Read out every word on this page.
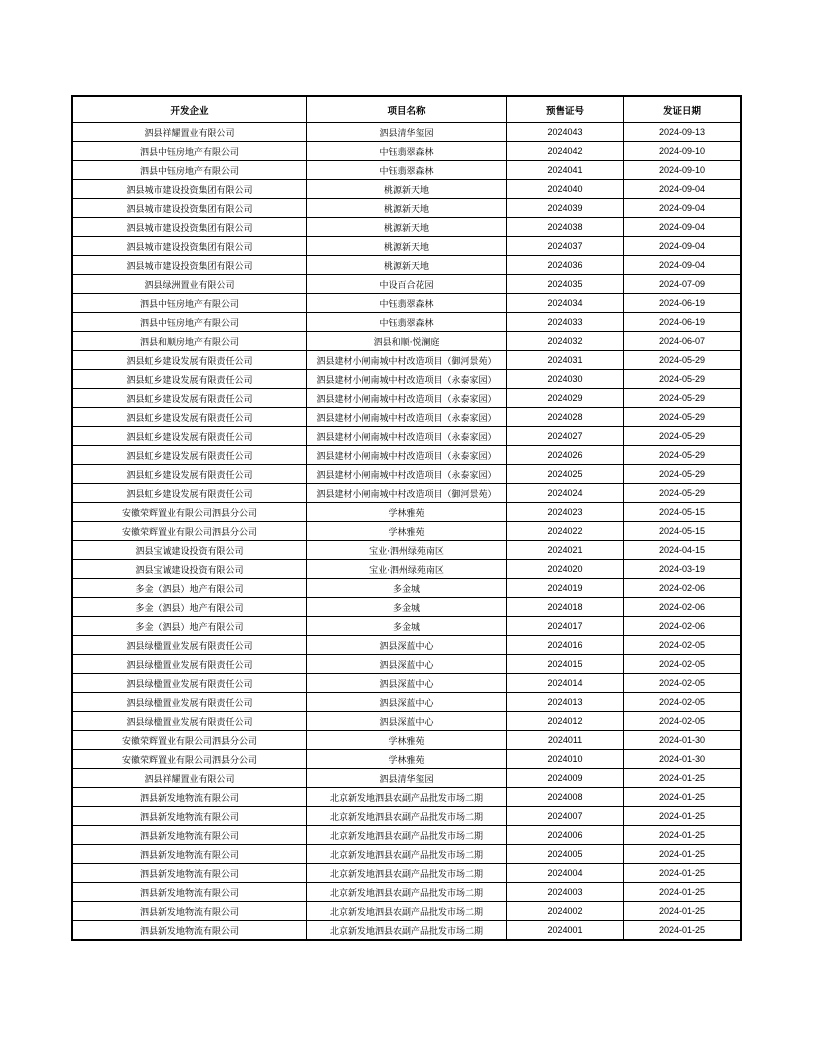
开发企业	项目名称	预售证号	发证日期
泗县祥耀置业有限公司	泗县清华玺园	2024043	2024-09-13
泗县中钰房地产有限公司	中钰翡翠森林	2024042	2024-09-10
泗县中钰房地产有限公司	中钰翡翠森林	2024041	2024-09-10
泗县城市建设投资集团有限公司	桃源新天地	2024040	2024-09-04
泗县城市建设投资集团有限公司	桃源新天地	2024039	2024-09-04
泗县城市建设投资集团有限公司	桃源新天地	2024038	2024-09-04
泗县城市建设投资集团有限公司	桃源新天地	2024037	2024-09-04
泗县城市建设投资集团有限公司	桃源新天地	2024036	2024-09-04
泗县绿洲置业有限公司	中设百合花园	2024035	2024-07-09
泗县中钰房地产有限公司	中钰翡翠森林	2024034	2024-06-19
泗县中钰房地产有限公司	中钰翡翠森林	2024033	2024-06-19
泗县和顺房地产有限公司	泗县和顺·悦澜庭	2024032	2024-06-07
泗县虹乡建设发展有限责任公司	泗县建材小闸南城中村改造项目（御河景苑）	2024031	2024-05-29
泗县虹乡建设发展有限责任公司	泗县建材小闸南城中村改造项目（永泰家园）	2024030	2024-05-29
泗县虹乡建设发展有限责任公司	泗县建材小闸南城中村改造项目（永泰家园）	2024029	2024-05-29
泗县虹乡建设发展有限责任公司	泗县建材小闸南城中村改造项目（永泰家园）	2024028	2024-05-29
泗县虹乡建设发展有限责任公司	泗县建材小闸南城中村改造项目（永泰家园）	2024027	2024-05-29
泗县虹乡建设发展有限责任公司	泗县建材小闸南城中村改造项目（永泰家园）	2024026	2024-05-29
泗县虹乡建设发展有限责任公司	泗县建材小闸南城中村改造项目（永泰家园）	2024025	2024-05-29
泗县虹乡建设发展有限责任公司	泗县建材小闸南城中村改造项目（御河景苑）	2024024	2024-05-29
安徽荣辉置业有限公司泗县分公司	学林雅苑	2024023	2024-05-15
安徽荣辉置业有限公司泗县分公司	学林雅苑	2024022	2024-05-15
泗县宝诚建设投资有限公司	宝业·泗州绿苑南区	2024021	2024-04-15
泗县宝诚建设投资有限公司	宝业·泗州绿苑南区	2024020	2024-03-19
多金（泗县）地产有限公司	多金城	2024019	2024-02-06
多金（泗县）地产有限公司	多金城	2024018	2024-02-06
多金（泗县）地产有限公司	多金城	2024017	2024-02-06
泗县绿楹置业发展有限责任公司	泗县深蓝中心	2024016	2024-02-05
泗县绿楹置业发展有限责任公司	泗县深蓝中心	2024015	2024-02-05
泗县绿楹置业发展有限责任公司	泗县深蓝中心	2024014	2024-02-05
泗县绿楹置业发展有限责任公司	泗县深蓝中心	2024013	2024-02-05
泗县绿楹置业发展有限责任公司	泗县深蓝中心	2024012	2024-02-05
安徽荣辉置业有限公司泗县分公司	学林雅苑	2024011	2024-01-30
安徽荣辉置业有限公司泗县分公司	学林雅苑	2024010	2024-01-30
泗县祥耀置业有限公司	泗县清华玺园	2024009	2024-01-25
泗县新发地物流有限公司	北京新发地泗县农副产品批发市场二期	2024008	2024-01-25
泗县新发地物流有限公司	北京新发地泗县农副产品批发市场二期	2024007	2024-01-25
泗县新发地物流有限公司	北京新发地泗县农副产品批发市场二期	2024006	2024-01-25
泗县新发地物流有限公司	北京新发地泗县农副产品批发市场二期	2024005	2024-01-25
泗县新发地物流有限公司	北京新发地泗县农副产品批发市场二期	2024004	2024-01-25
泗县新发地物流有限公司	北京新发地泗县农副产品批发市场二期	2024003	2024-01-25
泗县新发地物流有限公司	北京新发地泗县农副产品批发市场二期	2024002	2024-01-25
泗县新发地物流有限公司	北京新发地泗县农副产品批发市场二期	2024001	2024-01-25
